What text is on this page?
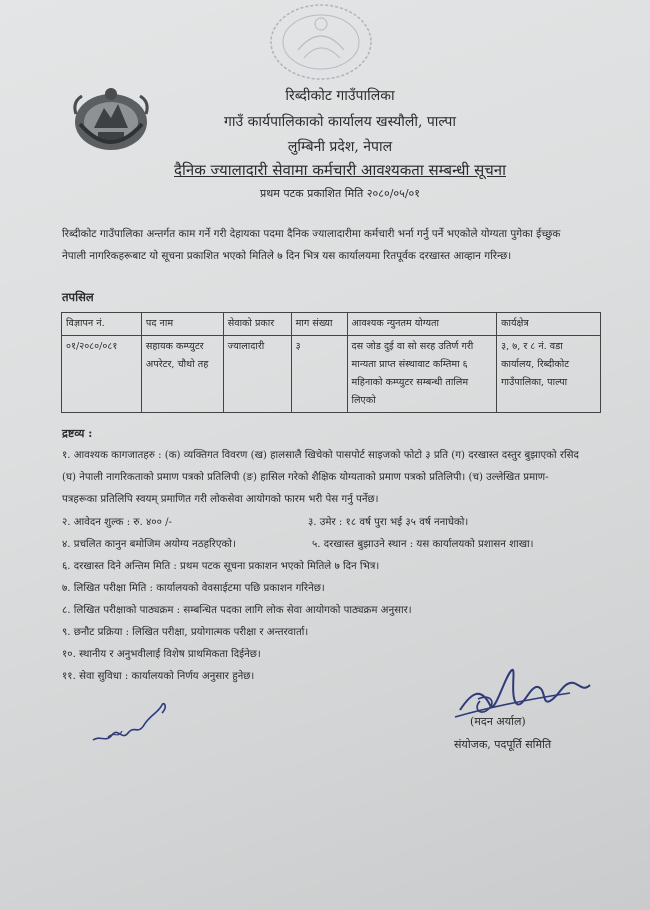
रिब्दीकोट गाउँपालिका
गाउँ कार्यपालिकाको कार्यालय खस्यौली, पाल्पा
लुम्बिनी प्रदेश, नेपाल
दैनिक ज्यालादारी सेवामा कर्मचारी आवश्यकता सम्बन्धी सूचना
प्रथम पटक प्रकाशित मिति २०८०/०५/०१
रिब्दीकोट गाउँपालिका अन्तर्गत काम गर्ने गरी देहायका पदमा दैनिक ज्यालादारीमा कर्मचारी भर्ना गर्नु पर्ने भएकोले योग्यता पुगेका ईच्छुक नेपाली नागरिकहरूबाट यो सूचना प्रकाशित भएको मितिले ७ दिन भित्र यस कार्यालयमा रितपूर्वक दरखास्त आव्हान गरिन्छ।
तपसिल
विज्ञापन नं.	पद नाम	सेवाको प्रकार	माग संख्या	आवश्यक न्युनतम योग्यता	कार्यक्षेत्र
०१/२०८०/०८१	सहायक कम्प्युटर अपरेटर, चौथो तह	ज्यालादारी	३	दस जोड दुई वा सो सरह उतिर्ण गरी मान्यता प्राप्त संस्थावाट कम्तिमा ६ महिनाको कम्प्युटर सम्बन्धी तालिम लिएको	३, ७, र ८ नं. वडा कार्यालय, रिब्दीकोट गाउँपालिका, पाल्पा
द्रष्टव्य :
१. आवश्यक कागजातहरु : (क) व्यक्तिगत विवरण (ख) हालसालै खिचेको पासपोर्ट साइजको फोटो ३ प्रति (ग) दरखास्त दस्तुर बुझाएको रसिद (घ) नेपाली नागरिकताको प्रमाण पत्रको प्रतिलिपी (ङ) हासिल गरेको शैक्षिक योग्यताको प्रमाण पत्रको प्रतिलिपी। (च) उल्लेखित प्रमाण-पत्रहरूका प्रतिलिपि स्वयम् प्रमाणित गरी लोकसेवा आयोगको फारम भरी पेस गर्नु पर्नेछ।
२. आवेदन शुल्क : रु. ४०० /-	३. उमेर : १८ वर्ष पुरा भई ३५ वर्ष ननाघेको।
४. प्रचलित कानुन बमोजिम अयोग्य नठहरिएको।	५. दरखास्त बुझाउने स्थान : यस कार्यालयको प्रशासन शाखा।
६. दरखास्त दिने अन्तिम मिति : प्रथम पटक सूचना प्रकाशन भएको मितिले ७ दिन भित्र।
७. लिखित परीक्षा मिति : कार्यालयको वेवसाईटमा पछि प्रकाशन गरिनेछ।
८. लिखित परीक्षाको पाठ्यक्रम : सम्बन्धित पदका लागि लोक सेवा आयोगको पाठ्यक्रम अनुसार।
९. छनौट प्रक्रिया : लिखित परीक्षा, प्रयोगात्मक परीक्षा र अन्तरवार्ता।
१०. स्थानीय र अनुभवीलाई विशेष प्राथमिकता दिईनेछ।
११. सेवा सुविधा : कार्यालयको निर्णय अनुसार हुनेछ।
(मदन अर्याल)
संयोजक, पदपूर्ति समिति
